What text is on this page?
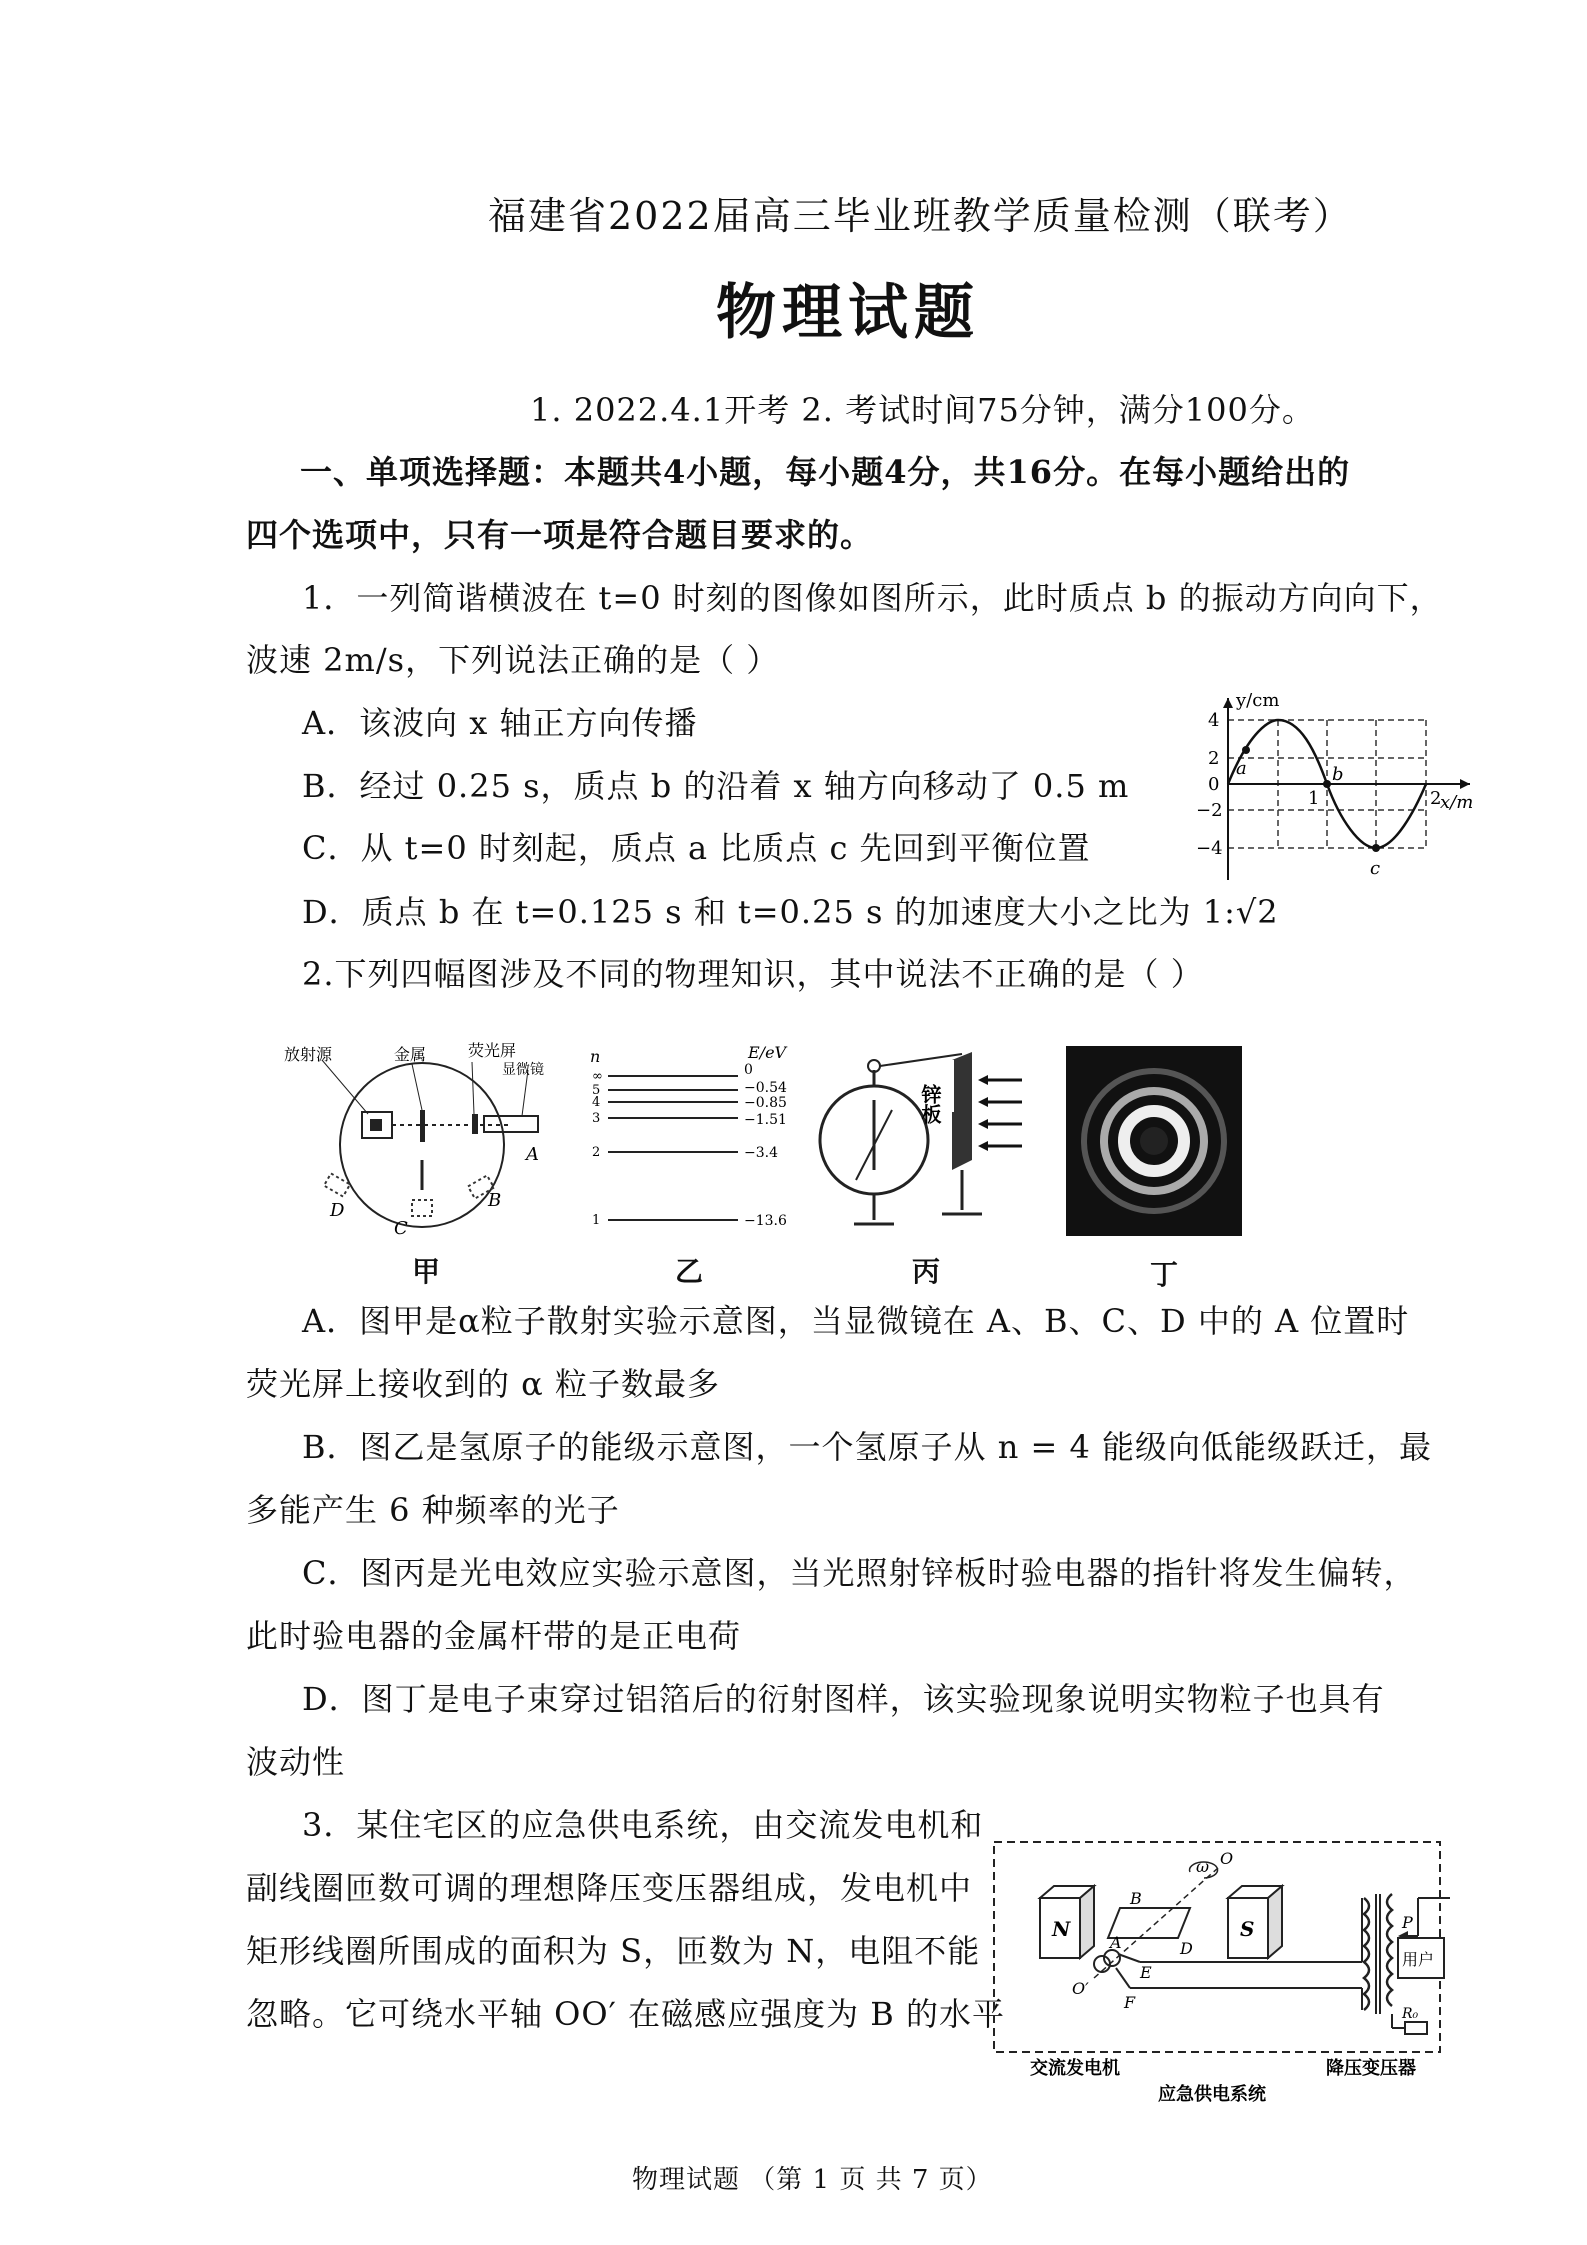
福建省2022届高三毕业班教学质量检测（联考）
物理试题
1. 2022.4.1开考 2. 考试时间75分钟，满分100分。
一、单项选择题：本题共4小题，每小题4分，共16分。在每小题给出的
四个选项中，只有一项是符合题目要求的。
1．一列简谐横波在 t=0 时刻的图像如图所示，此时质点 b 的振动方向向下，
波速 2m/s，下列说法正确的是（ ）
A．该波向 x 轴正方向传播
B．经过 0.25 s，质点 b 的沿着 x 轴方向移动了 0.5 m
C．从 t=0 时刻起，质点 a 比质点 c 先回到平衡位置
D．质点 b 在 t=0.125 s 和 t=0.25 s 的加速度大小之比为 1:√2
y/cm
x/m
4
2
0
−2
−4
1	2
a	b
c
2.下列四幅图涉及不同的物理知识，其中说法不正确的是（ ）
放射源	金属	荧光屏
显微镜
A
B
C
D
甲
n	E/eV
∞
5
4
3
2
1
0
−0.54
−0.85
−1.51
−3.4
−13.6
乙
锌板
丙	丁
A．图甲是α粒子散射实验示意图，当显微镜在 A、B、C、D 中的 A 位置时
荧光屏上接收到的 α 粒子数最多
B．图乙是氢原子的能级示意图，一个氢原子从 n = 4 能级向低能级跃迁，最
多能产生 6 种频率的光子
C．图丙是光电效应实验示意图，当光照射锌板时验电器的指针将发生偏转，
此时验电器的金属杆带的是正电荷
D．图丁是电子束穿过铝箔后的衍射图样，该实验现象说明实物粒子也具有
波动性
3．某住宅区的应急供电系统，由交流发电机和
副线圈匝数可调的理想降压变压器组成，发电机中
矩形线圈所围成的面积为 S，匝数为 N，电阻不能
忽略。它可绕水平轴 OO′ 在磁感应强度为 B 的水平
N	S
B
A	D
E
F
O
ω
O′
P
R₀
用户
交流发电机	降压变压器
应急供电系统
物理试题 （第 1 页 共 7 页）
